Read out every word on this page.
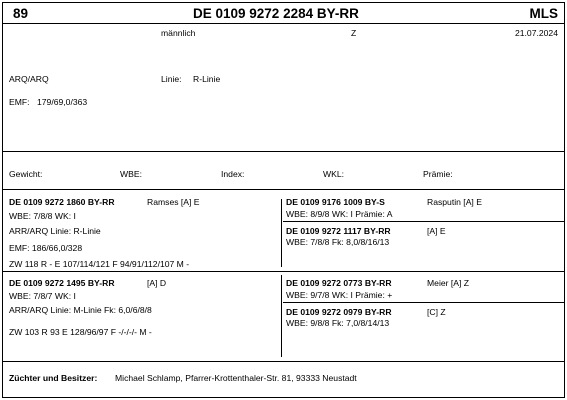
89	DE 0109 9272 2284 BY-RR	MLS
männlich	Z	21.07.2024
ARQ/ARQ	Linie: R-Linie
EMF: 179/69,0/363
Gewicht:	WBE:	Index:	WKL:	Prämie:
DE 0109 9272 1860 BY-RR	Ramses [A] E
WBE: 7/8/8 WK: I
ARR/ARQ Linie: R-Linie
EMF: 186/66,0/328
ZW 118 R - E 107/114/121 F 94/91/112/107 M -
DE 0109 9176 1009 BY-S	Rasputin [A] E
WBE: 8/9/8 WK: I Prämie: A
DE 0109 9272 1117 BY-RR	[A] E
WBE: 7/8/8 Fk: 8,0/8/16/13
DE 0109 9272 1495 BY-RR	[A] D
WBE: 7/8/7 WK: I
ARR/ARQ Linie: M-Linie Fk: 6,0/6/8/8
ZW 103 R 93 E 128/96/97 F -/-/-/- M -
DE 0109 9272 0773 BY-RR	Meier [A] Z
WBE: 9/7/8 WK: I Prämie: +
DE 0109 9272 0979 BY-RR	[C] Z
WBE: 9/8/8 Fk: 7,0/8/14/13
Züchter und Besitzer: Michael Schlamp, Pfarrer-Krottenthaler-Str. 81, 93333 Neustadt
